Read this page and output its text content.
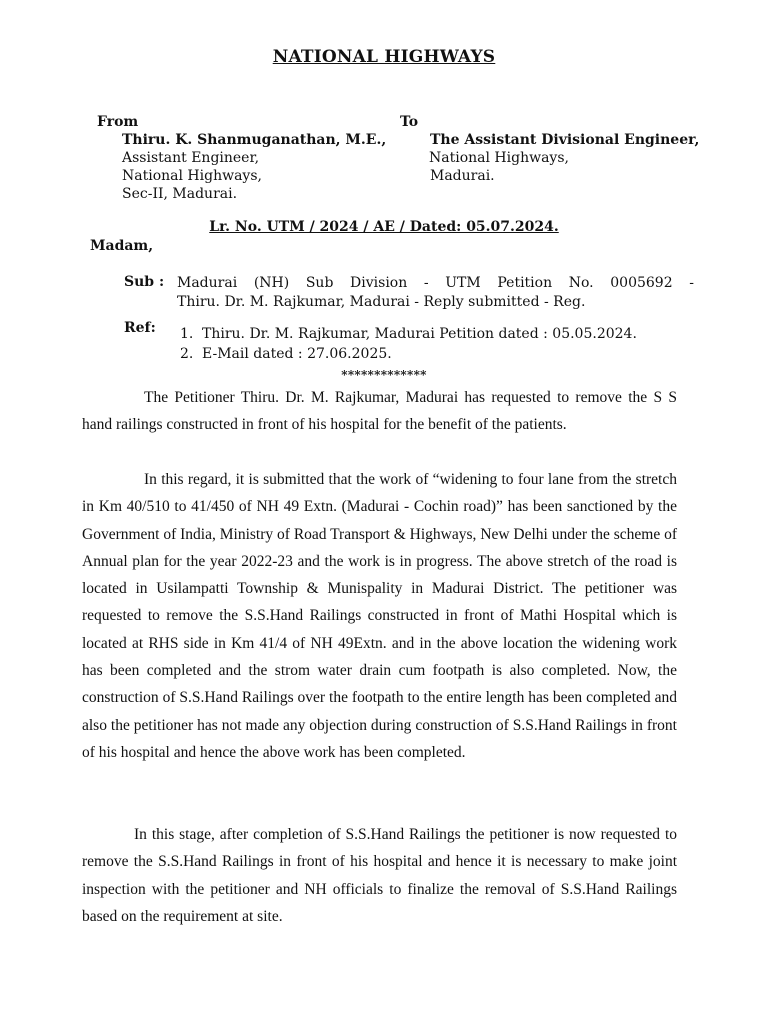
NATIONAL HIGHWAYS
From
Thiru. K. Shanmuganathan, M.E.,
Assistant Engineer,
National Highways,
Sec-II, Madurai.
To
The Assistant Divisional Engineer,
National Highways,
Madurai.
Lr. No. UTM / 2024 / AE / Dated: 05.07.2024.
Madam,
Sub : Madurai (NH) Sub Division - UTM Petition No. 0005692 -
Thiru. Dr. M. Rajkumar, Madurai - Reply submitted - Reg.
Ref: 1. Thiru. Dr. M. Rajkumar, Madurai Petition dated : 05.05.2024.
2. E-Mail dated : 27.06.2025.
*************

The Petitioner Thiru. Dr. M. Rajkumar, Madurai has requested to remove the S S hand railings constructed in front of his hospital for the benefit of the patients.

In this regard, it is submitted that the work of “widening to four lane from the stretch in Km 40/510 to 41/450 of NH 49 Extn. (Madurai - Cochin road)” has been sanctioned by the Government of India, Ministry of Road Transport & Highways, New Delhi under the scheme of Annual plan for the year 2022-23 and the work is in progress. The above stretch of the road is located in Usilampatti Township & Munispality in Madurai District. The petitioner was requested to remove the S.S.Hand Railings constructed in front of Mathi Hospital which is located at RHS side in Km 41/4 of NH 49Extn. and in the above location the widening work has been completed and the strom water drain cum footpath is also completed. Now, the construction of S.S.Hand Railings over the footpath to the entire length has been completed and also the petitioner has not made any objection during construction of S.S.Hand Railings in front of his hospital and hence the above work has been completed.

In this stage, after completion of S.S.Hand Railings the petitioner is now requested to remove the S.S.Hand Railings in front of his hospital and hence it is necessary to make joint inspection with the petitioner and NH officials to finalize the removal of S.S.Hand Railings based on the requirement at site.
